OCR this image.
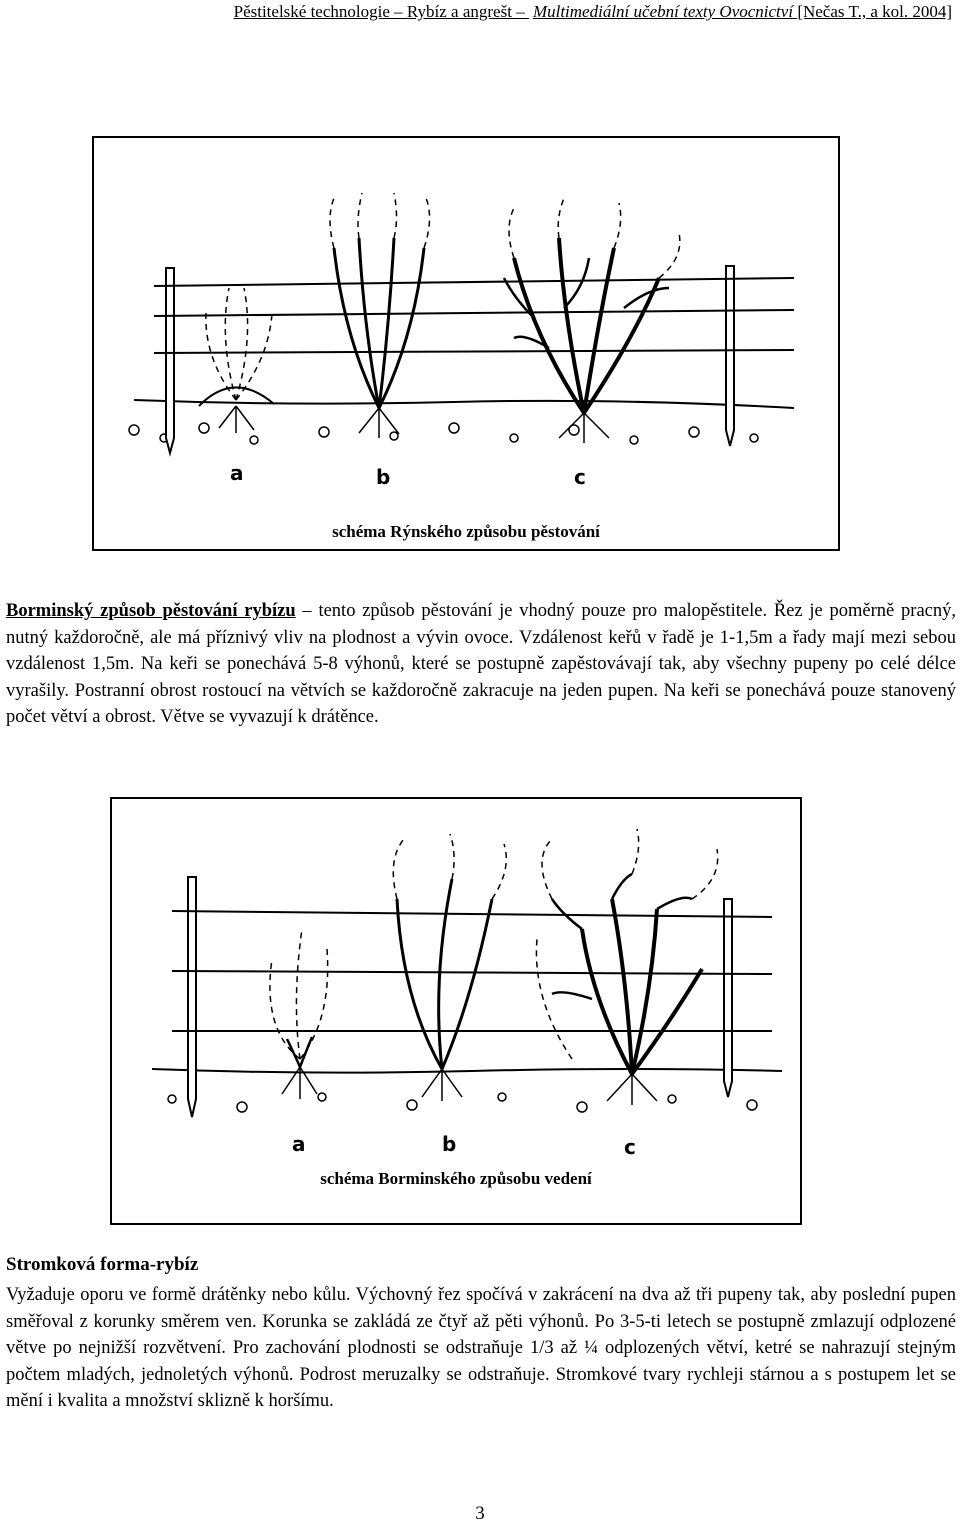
Pěstitelské technologie – Rybíz a angrešt – Multimediální učební texty Ovocnictví [Nečas T., a kol. 2004]
a	b	c
schéma Rýnského způsobu pěstování
Borminský způsob pěstování rybízu – tento způsob pěstování je vhodný pouze pro malopěstitele. Řez je poměrně pracný, nutný každoročně, ale má příznivý vliv na plodnost a vývin ovoce. Vzdálenost keřů v řadě je 1-1,5m a řady mají mezi sebou vzdálenost 1,5m. Na keři se ponechává 5-8 výhonů, které se postupně zapěstovávají tak, aby všechny pupeny po celé délce vyrašily. Postranní obrost rostoucí na větvích se každoročně zakracuje na jeden pupen. Na keři se ponechává pouze stanovený počet větví a obrost. Větve se vyvazují k drátěnce.
a	b	c
schéma Borminského způsobu vedení
Stromková forma-rybíz
Vyžaduje oporu ve formě drátěnky nebo kůlu. Výchovný řez spočívá v zakrácení na dva až tři pupeny tak, aby poslední pupen směřoval z korunky směrem ven. Korunka se zakládá ze čtyř až pěti výhonů. Po 3-5-ti letech se postupně zmlazují odplozené větve po nejnižší rozvětvení. Pro zachování plodnosti se odstraňuje 1/3 až ¼ odplozených větví, ketré se nahrazují stejným počtem mladých, jednoletých výhonů. Podrost meruzalky se odstraňuje. Stromkové tvary rychleji stárnou a s postupem let se mění i kvalita a množství sklizně k horšímu.
3
